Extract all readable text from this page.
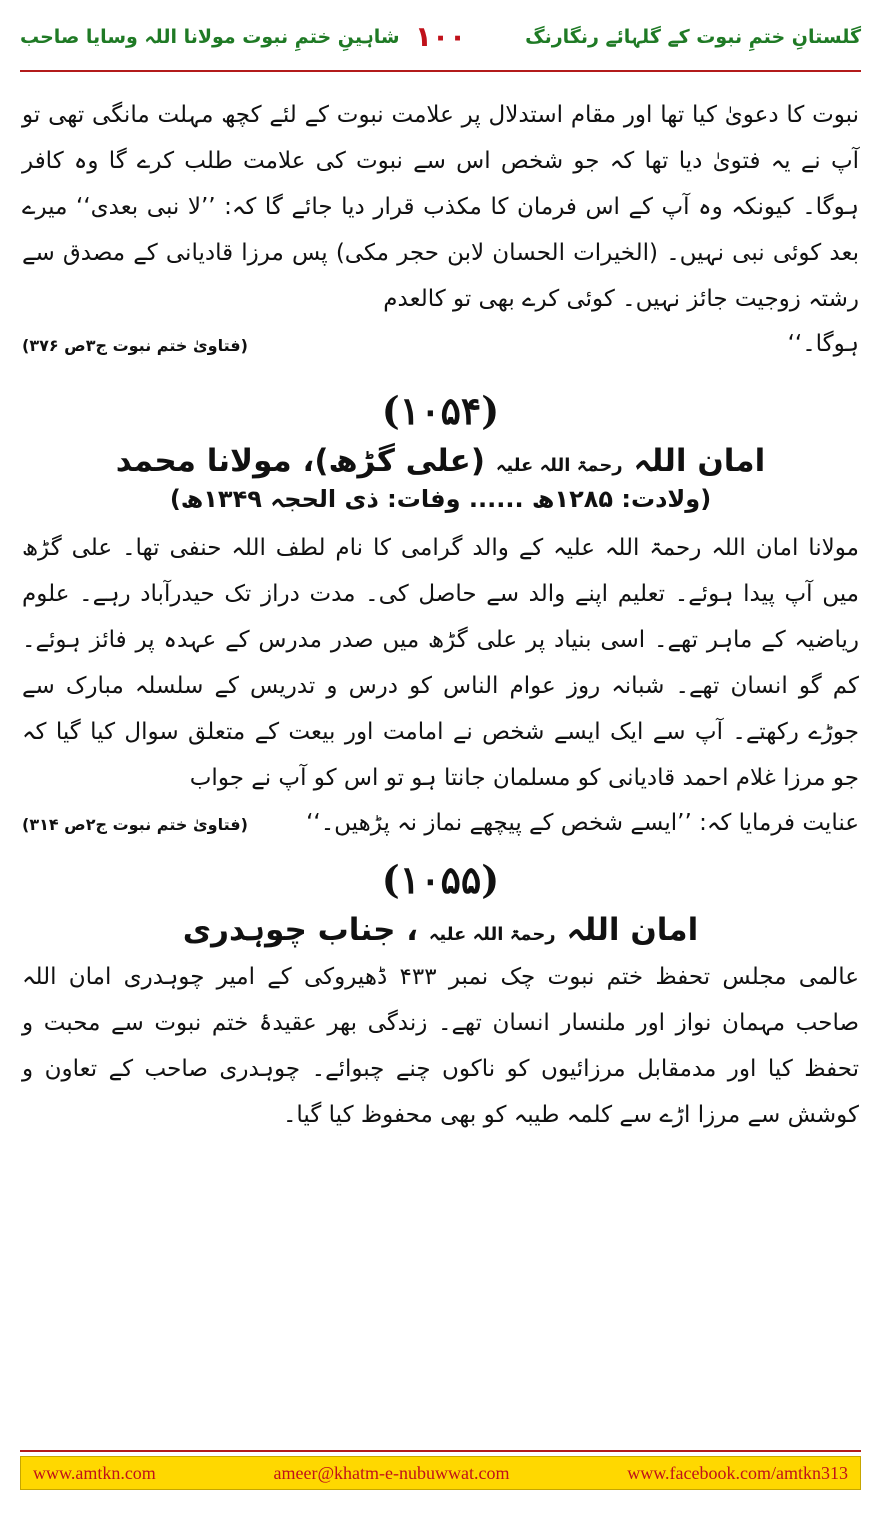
گلستانِ ختمِ نبوت کے گلہائے رنگارنگ
۱۰۰
شاہینِ ختمِ نبوت مولانا اللہ وسایا صاحب

نبوت کا دعویٰ کیا تھا اور مقام استدلال پر علامت نبوت کے لئے کچھ مہلت مانگی تھی تو آپ نے یہ فتویٰ دیا تھا کہ جو شخص اس سے نبوت کی علامت طلب کرے گا وہ کافر ہوگا۔ کیونکہ وہ آپ کے اس فرمان کا مکذب قرار دیا جائے گا کہ: ’’لا نبی بعدی‘‘ میرے بعد کوئی نبی نہیں۔ (الخیرات الحسان لابن حجر مکی) پس مرزا قادیانی کے مصدق سے رشتہ زوجیت جائز نہیں۔ کوئی کرے بھی تو کالعدم

ہوگا۔‘‘
(فتاویٰ ختم نبوت ج۳ص ۳۷۶)
(۱۰۵۴)
امان اللہ رحمۃ اللہ علیہ (علی گڑھ)، مولانا محمد
(ولادت: ۱۲۸۵ھ ...... وفات: ذی الحجہ ۱۳۴۹ھ)

مولانا امان اللہ رحمۃ اللہ علیہ کے والد گرامی کا نام لطف اللہ حنفی تھا۔ علی گڑھ میں آپ پیدا ہوئے۔ تعلیم اپنے والد سے حاصل کی۔ مدت دراز تک حیدرآباد رہے۔ علوم ریاضیہ کے ماہر تھے۔ اسی بنیاد پر علی گڑھ میں صدر مدرس کے عہدہ پر فائز ہوئے۔ کم گو انسان تھے۔ شبانہ روز عوام الناس کو درس و تدریس کے سلسلہ مبارک سے جوڑے رکھتے۔ آپ سے ایک ایسے شخص نے امامت اور بیعت کے متعلق سوال کیا گیا کہ جو مرزا غلام احمد قادیانی کو مسلمان جانتا ہو تو اس کو آپ نے جواب

عنایت فرمایا کہ: ’’ایسے شخص کے پیچھے نماز نہ پڑھیں۔‘‘
(فتاویٰ ختم نبوت ج۲ص ۳۱۴)
(۱۰۵۵)
امان اللہ رحمۃ اللہ علیہ ، جناب چوہدری

عالمی مجلس تحفظ ختم نبوت چک نمبر ۴۳۳ ڈھیروکی کے امیر چوہدری امان اللہ صاحب مہمان نواز اور ملنسار انسان تھے۔ زندگی بھر عقیدۂ ختم نبوت سے محبت و تحفظ کیا اور مدمقابل مرزائیوں کو ناکوں چنے چبوائے۔ چوہدری صاحب کے تعاون و کوشش سے مرزا اڑے سے کلمہ طیبہ کو بھی محفوظ کیا گیا۔

www.amtkn.com	ameer@khatm-e-nubuwwat.com	www.facebook.com/amtkn313
